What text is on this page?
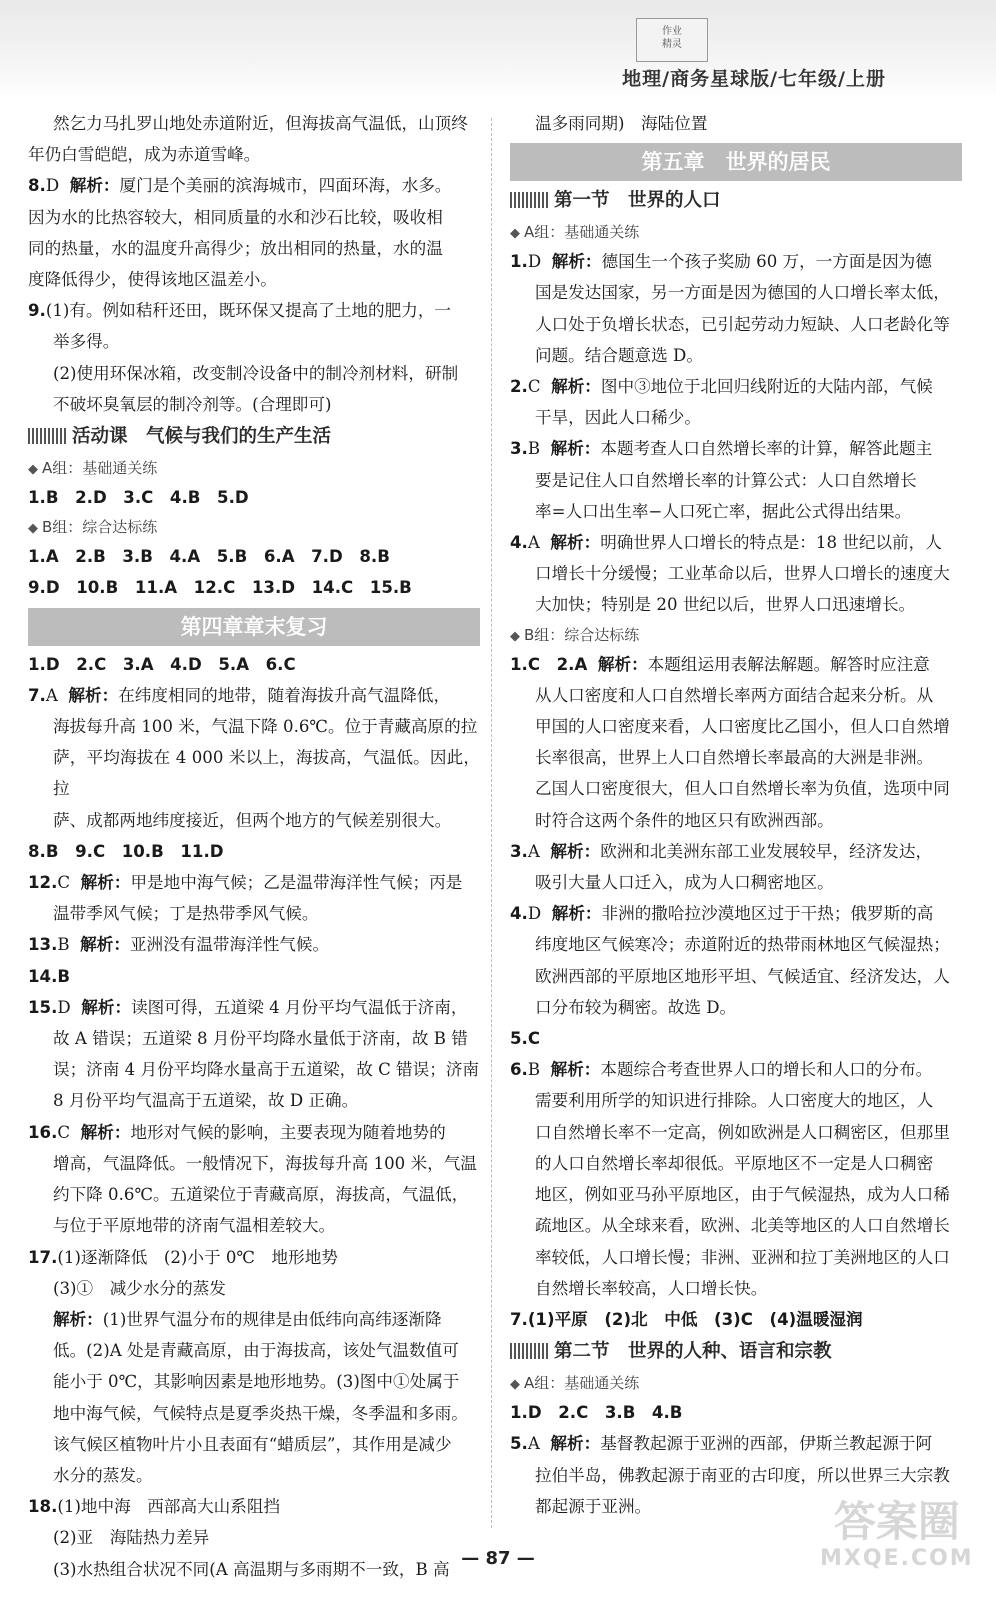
作业
精灵
地理/商务星球版/七年级/上册

然乞力马扎罗山地处赤道附近，但海拔高气温低，山顶终

年仍白雪皑皑，成为赤道雪峰。

8.D 解析：厦门是个美丽的滨海城市，四面环海，水多。

因为水的比热容较大，相同质量的水和沙石比较，吸收相

同的热量，水的温度升高得少；放出相同的热量，水的温

度降低得少，使得该地区温差小。

9.(1)有。例如秸秆还田，既环保又提高了土地的肥力，一

举多得。

(2)使用环保冰箱，改变制冷设备中的制冷剂材料，研制

不破坏臭氧层的制冷剂等。(合理即可)

活动课　气候与我们的生产生活
◆ A组：基础通关练

1.B　2.D　3.C　4.B　5.D

◆ B组：综合达标练

1.A　2.B　3.B　4.A　5.B　6.A　7.D　8.B

9.D　10.B　11.A　12.C　13.D　14.C　15.B

第四章章末复习

1.D　2.C　3.A　4.D　5.A　6.C

7.A 解析：在纬度相同的地带，随着海拔升高气温降低，

海拔每升高 100 米，气温下降 0.6℃。位于青藏高原的拉

萨，平均海拔在 4 000 米以上，海拔高，气温低。因此，拉

萨、成都两地纬度接近，但两个地方的气候差别很大。

8.B　9.C　10.B　11.D

12.C 解析：甲是地中海气候；乙是温带海洋性气候；丙是

温带季风气候；丁是热带季风气候。

13.B 解析：亚洲没有温带海洋性气候。

14.B

15.D 解析：读图可得，五道梁 4 月份平均气温低于济南，

故 A 错误；五道梁 8 月份平均降水量低于济南，故 B 错

误；济南 4 月份平均降水量高于五道梁，故 C 错误；济南

8 月份平均气温高于五道梁，故 D 正确。

16.C 解析：地形对气候的影响，主要表现为随着地势的

增高，气温降低。一般情况下，海拔每升高 100 米，气温

约下降 0.6℃。五道梁位于青藏高原，海拔高，气温低，

与位于平原地带的济南气温相差较大。

17.(1)逐渐降低　(2)小于 0℃　地形地势

(3)①　减少水分的蒸发

解析：(1)世界气温分布的规律是由低纬向高纬逐渐降

低。(2)A 处是青藏高原，由于海拔高，该处气温数值可

能小于 0℃，其影响因素是地形地势。(3)图中①处属于

地中海气候，气候特点是夏季炎热干燥，冬季温和多雨。

该气候区植物叶片小且表面有“蜡质层”，其作用是减少

水分的蒸发。

18.(1)地中海　西部高大山系阻挡

(2)亚　海陆热力差异

(3)水热组合状况不同(A 高温期与多雨期不一致，B 高

温多雨同期)　海陆位置

第五章　世界的居民
第一节　世界的人口
◆ A组：基础通关练

1.D 解析：德国生一个孩子奖励 60 万，一方面是因为德

国是发达国家，另一方面是因为德国的人口增长率太低，

人口处于负增长状态，已引起劳动力短缺、人口老龄化等

问题。结合题意选 D。

2.C 解析：图中③地位于北回归线附近的大陆内部，气候

干旱，因此人口稀少。

3.B 解析：本题考查人口自然增长率的计算，解答此题主

要是记住人口自然增长率的计算公式：人口自然增长

率=人口出生率−人口死亡率，据此公式得出结果。

4.A 解析：明确世界人口增长的特点是：18 世纪以前，人

口增长十分缓慢；工业革命以后，世界人口增长的速度大

大加快；特别是 20 世纪以后，世界人口迅速增长。

◆ B组：综合达标练

1.C　2.A 解析：本题组运用表解法解题。解答时应注意

从人口密度和人口自然增长率两方面结合起来分析。从

甲国的人口密度来看，人口密度比乙国小，但人口自然增

长率很高，世界上人口自然增长率最高的大洲是非洲。

乙国人口密度很大，但人口自然增长率为负值，选项中同

时符合这两个条件的地区只有欧洲西部。

3.A 解析：欧洲和北美洲东部工业发展较早，经济发达，

吸引大量人口迁入，成为人口稠密地区。

4.D 解析：非洲的撒哈拉沙漠地区过于干热；俄罗斯的高

纬度地区气候寒冷；赤道附近的热带雨林地区气候湿热；

欧洲西部的平原地区地形平坦、气候适宜、经济发达，人

口分布较为稠密。故选 D。

5.C

6.B 解析：本题综合考查世界人口的增长和人口的分布。

需要利用所学的知识进行排除。人口密度大的地区，人

口自然增长率不一定高，例如欧洲是人口稠密区，但那里

的人口自然增长率却很低。平原地区不一定是人口稠密

地区，例如亚马孙平原地区，由于气候湿热，成为人口稀

疏地区。从全球来看，欧洲、北美等地区的人口自然增长

率较低，人口增长慢；非洲、亚洲和拉丁美洲地区的人口

自然增长率较高，人口增长快。

7.(1)平原　(2)北　中低　(3)C　(4)温暖湿润

第二节　世界的人种、语言和宗教
◆ A组：基础通关练

1.D　2.C　3.B　4.B

5.A 解析：基督教起源于亚洲的西部，伊斯兰教起源于阿

拉伯半岛，佛教起源于南亚的古印度，所以世界三大宗教

都起源于亚洲。

— 87 —
答案圈
MXQE.COM
